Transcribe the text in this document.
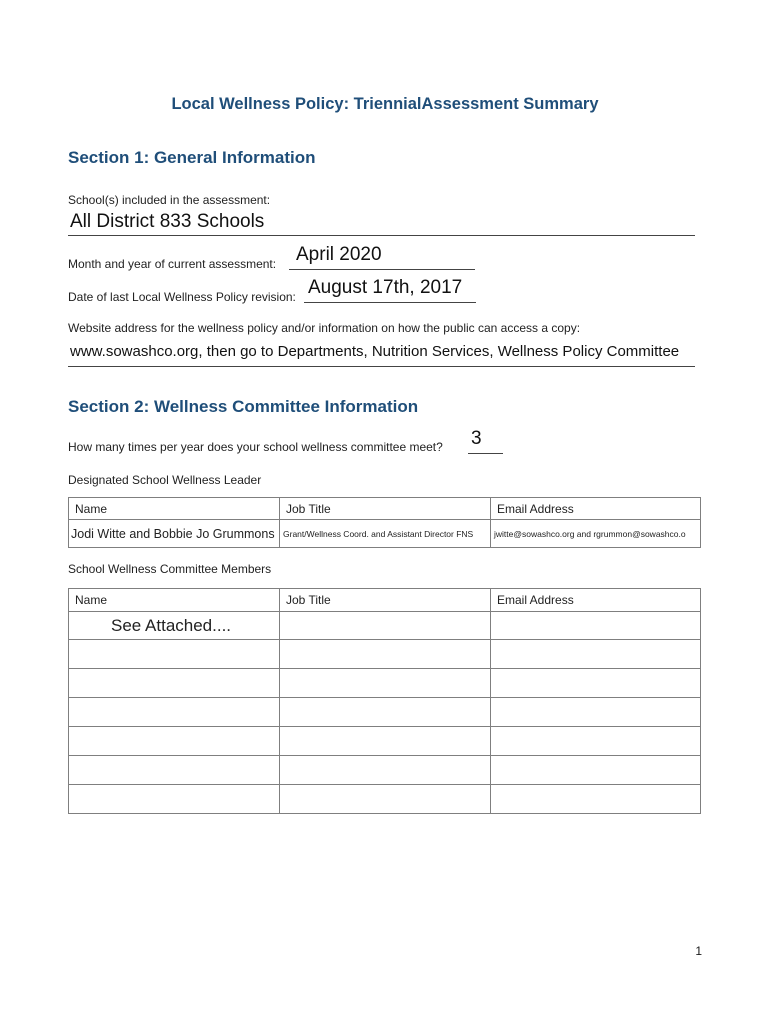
Local Wellness Policy: TriennialAssessment Summary
Section 1: General Information
School(s) included in the assessment:
All District 833 Schools
Month and year of current assessment: April 2020
Date of last Local Wellness Policy revision: August 17th, 2017
Website address for the wellness policy and/or information on how the public can access a copy:
www.sowashco.org, then go to Departments, Nutrition Services, Wellness Policy Committee
Section 2: Wellness Committee Information
How many times per year does your school wellness committee meet? 3
Designated School Wellness Leader
Name	Job Title	Email Address
Jodi Witte and Bobbie Jo Grummons	Grant/Wellness Coord. and Assistant Director FNS	jwitte@sowashco.org and rgrummon@sowashco.o
School Wellness Committee Members
Name	Job Title	Email Address
See Attached....		

1
